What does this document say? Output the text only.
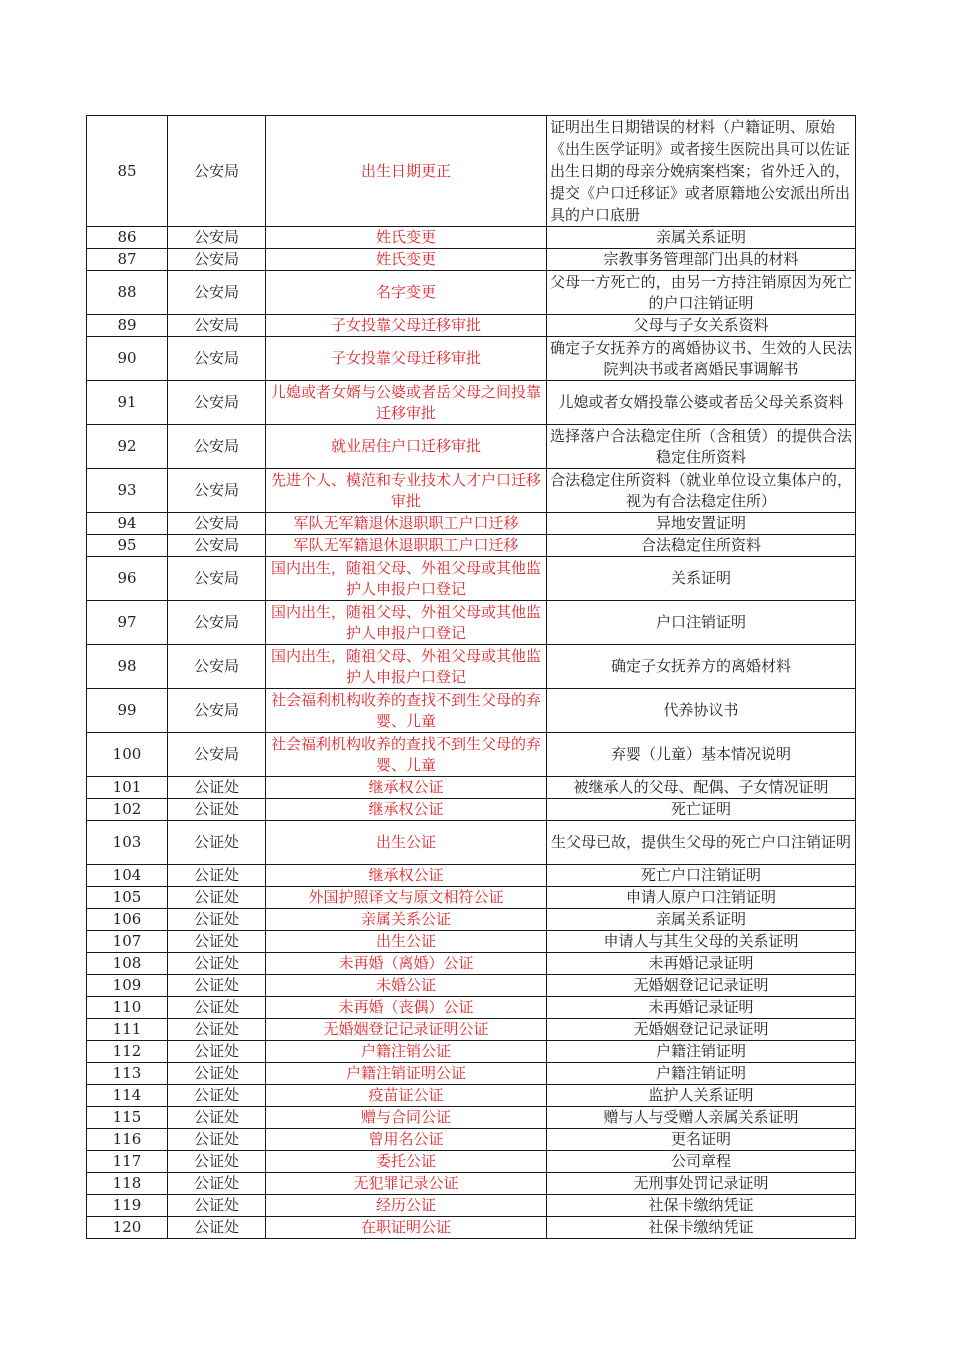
85	公安局	出生日期更正	证明出生日期错误的材料（户籍证明、原始《出生医学证明》或者接生医院出具可以佐证出生日期的母亲分娩病案档案；省外迁入的，提交《户口迁移证》或者原籍地公安派出所出具的户口底册
86	公安局	姓氏变更	亲属关系证明
87	公安局	姓氏变更	宗教事务管理部门出具的材料
88	公安局	名字变更	父母一方死亡的，由另一方持注销原因为死亡的户口注销证明
89	公安局	子女投靠父母迁移审批	父母与子女关系资料
90	公安局	子女投靠父母迁移审批	确定子女抚养方的离婚协议书、生效的人民法院判决书或者离婚民事调解书
91	公安局	儿媳或者女婿与公婆或者岳父母之间投靠迁移审批	儿媳或者女婿投靠公婆或者岳父母关系资料
92	公安局	就业居住户口迁移审批	选择落户合法稳定住所（含租赁）的提供合法稳定住所资料
93	公安局	先进个人、模范和专业技术人才户口迁移审批	合法稳定住所资料（就业单位设立集体户的，视为有合法稳定住所）
94	公安局	军队无军籍退休退职职工户口迁移	异地安置证明
95	公安局	军队无军籍退休退职职工户口迁移	合法稳定住所资料
96	公安局	国内出生，随祖父母、外祖父母或其他监护人申报户口登记	关系证明
97	公安局	国内出生，随祖父母、外祖父母或其他监护人申报户口登记	户口注销证明
98	公安局	国内出生，随祖父母、外祖父母或其他监护人申报户口登记	确定子女抚养方的离婚材料
99	公安局	社会福利机构收养的查找不到生父母的弃婴、儿童	代养协议书
100	公安局	社会福利机构收养的查找不到生父母的弃婴、儿童	弃婴（儿童）基本情况说明
101	公证处	继承权公证	被继承人的父母、配偶、子女情况证明
102	公证处	继承权公证	死亡证明
103	公证处	出生公证	生父母已故，提供生父母的死亡户口注销证明
104	公证处	继承权公证	死亡户口注销证明
105	公证处	外国护照译文与原文相符公证	申请人原户口注销证明
106	公证处	亲属关系公证	亲属关系证明
107	公证处	出生公证	申请人与其生父母的关系证明
108	公证处	未再婚（离婚）公证	未再婚记录证明
109	公证处	未婚公证	无婚姻登记记录证明
110	公证处	未再婚（丧偶）公证	未再婚记录证明
111	公证处	无婚姻登记记录证明公证	无婚姻登记记录证明
112	公证处	户籍注销公证	户籍注销证明
113	公证处	户籍注销证明公证	户籍注销证明
114	公证处	疫苗证公证	监护人关系证明
115	公证处	赠与合同公证	赠与人与受赠人亲属关系证明
116	公证处	曾用名公证	更名证明
117	公证处	委托公证	公司章程
118	公证处	无犯罪记录公证	无刑事处罚记录证明
119	公证处	经历公证	社保卡缴纳凭证
120	公证处	在职证明公证	社保卡缴纳凭证
